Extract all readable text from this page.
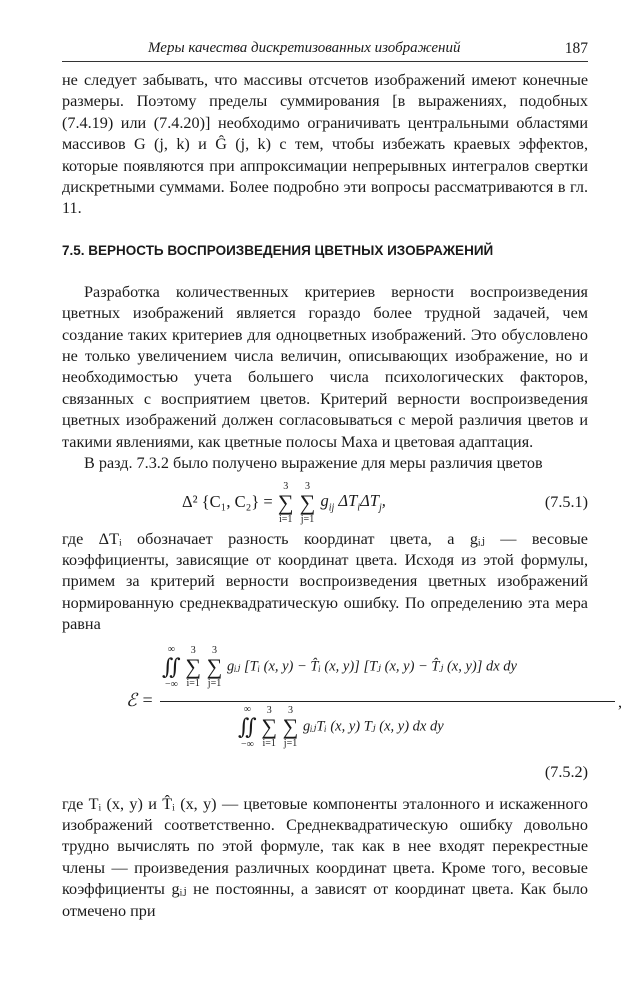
Меры качества дискретизованных изображений	187

не следует забывать, что массивы отсчетов изображений имеют конечные размеры. Поэтому пределы суммирования [в выражениях, подобных (7.4.19) или (7.4.20)] необходимо ограничивать центральными областями массивов G (j, k) и Ĝ (j, k) с тем, чтобы избежать краевых эффектов, которые появляются при аппроксимации непрерывных интегралов свертки дискретными суммами. Более подробно эти вопросы рассматриваются в гл. 11.

7.5. ВЕРНОСТЬ ВОСПРОИЗВЕДЕНИЯ ЦВЕТНЫХ ИЗОБРАЖЕНИЙ

Разработка количественных критериев верности воспроизведения цветных изображений является гораздо более трудной задачей, чем создание таких критериев для одноцветных изображений. Это обусловлено не только увеличением числа величин, описывающих изображение, но и необходимостью учета большего числа психологических факторов, связанных с восприятием цветов. Критерий верности воспроизведения цветных изображений должен согласовываться с мерой различия цветов и такими явлениями, как цветные полосы Маха и цветовая адаптация.

В разд. 7.3.2 было получено выражение для меры различия цветов

Δ² {C₁, C₂} =
3
∑
i=1

3
∑
j=1
$g_{ij}$ $\Delta T_i\Delta T_j$,	(7.5.1)

где ΔTᵢ обозначает разность координат цвета, а gᵢⱼ — весовые коэффициенты, зависящие от координат цвета. Исходя из этой формулы, примем за критерий верности воспроизведения цветных изображений нормированную среднеквадратическую ошибку. По определению эта мера равна

ℰ =
∞
∬
−∞

3
∑
i=1

3
∑
j=1
gᵢⱼ [Tᵢ (x, y) − T̂ᵢ (x, y)] [Tⱼ (x, y) − T̂ⱼ (x, y)] dx dy
,
∞
∬
−∞

3
∑
i=1

3
∑
j=1
gᵢⱼTᵢ (x, y) Tⱼ (x, y) dx dy
(7.5.2)

где Tᵢ (x, y) и T̂ᵢ (x, y) — цветовые компоненты эталонного и искаженного изображений соответственно. Среднеквадратическую ошибку довольно трудно вычислять по этой формуле, так как в нее входят перекрестные члены — произведения различных координат цвета. Кроме того, весовые коэффициенты gᵢⱼ не постоянны, а зависят от координат цвета. Как было отмечено при
